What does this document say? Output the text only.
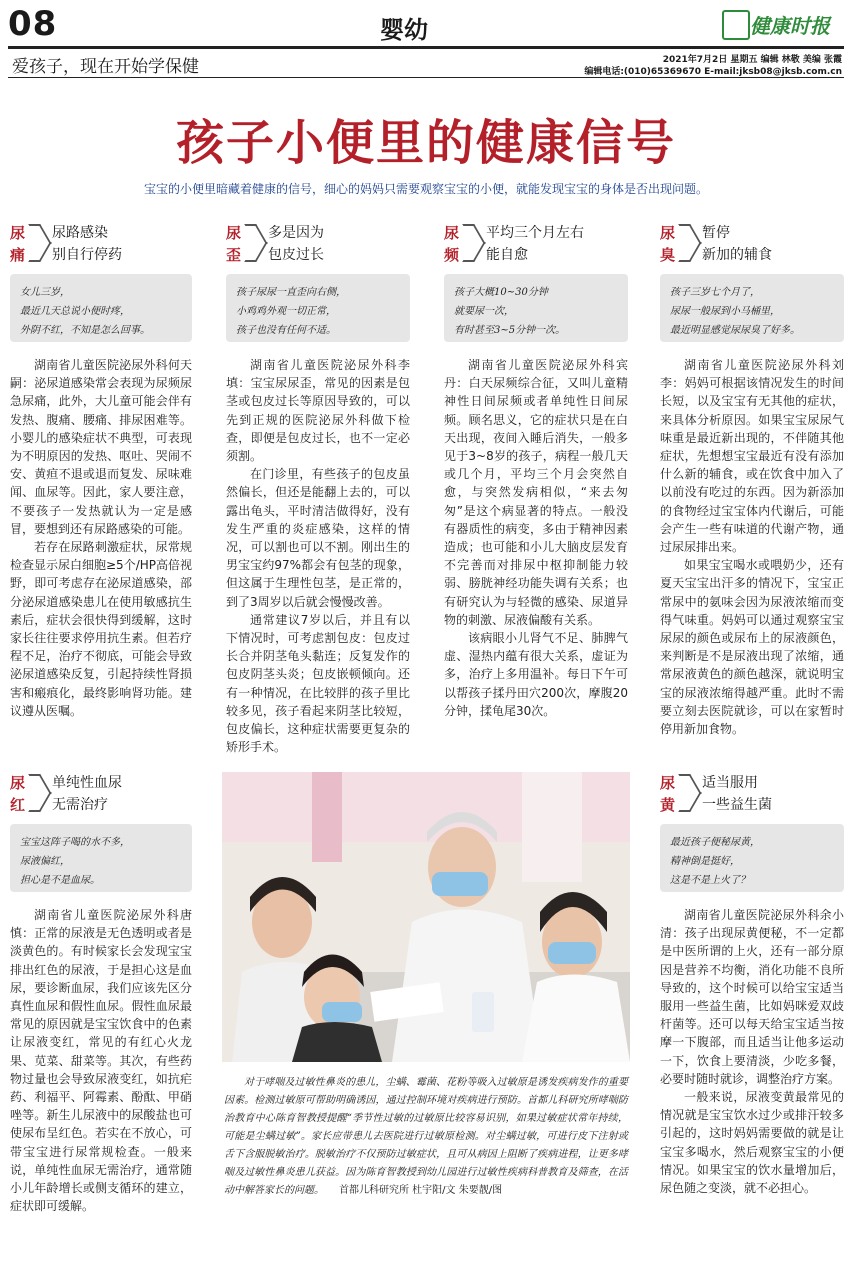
08	婴幼	健康时报
爱孩子，现在开始学保健	2021年7月2日 星期五 编辑 林敬 美编 张霞
编辑电话:(010)65369670 E-mail:jksb08@jksb.com.cn
孩子小便里的健康信号
宝宝的小便里暗藏着健康的信号，细心的妈妈只需要观察宝宝的小便，就能发现宝宝的身体是否出现问题。
尿痛
尿路感染
别自行停药
女儿三岁，
最近几天总说小便时疼，
外阴不红，不知是怎么回事。

湖南省儿童医院泌尿外科何天嗣：泌尿道感染常会表现为尿频尿急尿痛，此外，大儿童可能会伴有发热、腹痛、腰痛、排尿困难等。小婴儿的感染症状不典型，可表现为不明原因的发热、呕吐、哭闹不安、黄疸不退或退而复发、尿味难闻、血尿等。因此，家人要注意，不要孩子一发热就认为一定是感冒，要想到还有尿路感染的可能。

若存在尿路刺激症状，尿常规检查显示尿白细胞≥5个/HP高倍视野，即可考虑存在泌尿道感染，部分泌尿道感染患儿在使用敏感抗生素后，症状会很快得到缓解，这时家长往往要求停用抗生素。但若疗程不足，治疗不彻底，可能会导致泌尿道感染反复，引起持续性肾损害和瘢痕化，最终影响肾功能。建议遵从医嘱。

尿歪
多是因为
包皮过长
孩子尿尿一直歪向右侧，
小鸡鸡外观一切正常，
孩子也没有任何不适。

湖南省儿童医院泌尿外科李填：宝宝尿尿歪，常见的因素是包茎或包皮过长等原因导致的，可以先到正规的医院泌尿外科做下检查，即便是包皮过长，也不一定必须割。

在门诊里，有些孩子的包皮虽然偏长，但还是能翻上去的，可以露出龟头，平时清洁做得好，没有发生严重的炎症感染，这样的情况，可以割也可以不割。刚出生的男宝宝约97%都会有包茎的现象，但这属于生理性包茎，是正常的，到了3周岁以后就会慢慢改善。

通常建议7岁以后，并且有以下情况时，可考虑割包皮：包皮过长合并阴茎龟头黏连；反复发作的包皮阴茎头炎；包皮嵌顿倾向。还有一种情况，在比较胖的孩子里比较多见，孩子看起来阴茎比较短，包皮偏长，这种症状需要更复杂的矫形手术。

尿频
平均三个月左右
能自愈
孩子大概10~30分钟
就要尿一次，
有时甚至3~5分钟一次。

湖南省儿童医院泌尿外科宾丹：白天尿频综合征，又叫儿童精神性日间尿频或者单纯性日间尿频。顾名思义，它的症状只是在白天出现，夜间入睡后消失，一般多见于3~8岁的孩子，病程一般几天或几个月，平均三个月会突然自愈，与突然发病相似，“来去匆匆”是这个病显著的特点。一般没有器质性的病变，多由于精神因素造成；也可能和小儿大脑皮层发育不完善而对排尿中枢抑制能力较弱、膀胱神经功能失调有关系；也有研究认为与轻微的感染、尿道异物的刺激、尿液偏酸有关系。

该病眼小儿肾气不足、肺脾气虚、湿热内蕴有很大关系，虚证为多，治疗上多用温补。每日下午可以帮孩子揉丹田穴200次，摩腹20分钟，揉龟尾30次。

尿臭
暂停
新加的辅食
孩子三岁七个月了，
尿尿一般尿到小马桶里，
最近明显感觉尿尿臭了好多。

湖南省儿童医院泌尿外科刘李：妈妈可根据该情况发生的时间长短，以及宝宝有无其他的症状，来具体分析原因。如果宝宝尿尿气味重是最近新出现的，不伴随其他症状，先想想宝宝最近有没有添加什么新的辅食，或在饮食中加入了以前没有吃过的东西。因为新添加的食物经过宝宝体内代谢后，可能会产生一些有味道的代谢产物，通过尿尿排出来。

如果宝宝喝水或喂奶少，还有夏天宝宝出汗多的情况下，宝宝正常尿中的氨味会因为尿液浓缩而变得气味重。妈妈可以通过观察宝宝尿尿的颜色或尿布上的尿液颜色，来判断是不是尿液出现了浓缩，通常尿液黄色的颜色越深，就说明宝宝的尿液浓缩得越严重。此时不需要立刻去医院就诊，可以在家暂时停用新加食物。

尿红
单纯性血尿
无需治疗
宝宝这阵子喝的水不多，
尿液偏红，
担心是不是血尿。

湖南省儿童医院泌尿外科唐慎：正常的尿液是无色透明或者是淡黄色的。有时候家长会发现宝宝排出红色的尿液，于是担心这是血尿，要诊断血尿，我们应该先区分真性血尿和假性血尿。假性血尿最常见的原因就是宝宝饮食中的色素让尿液变红，常见的有红心火龙果、苋菜、甜菜等。其次，有些药物过量也会导致尿液变红，如抗疟药、利福平、阿霉素、酚酞、甲硝唑等。新生儿尿液中的尿酸盐也可使尿布呈红色。若实在不放心，可带宝宝进行尿常规检查。一般来说，单纯性血尿无需治疗，通常随小儿年龄增长或侧支循环的建立，症状即可缓解。

尿黄
适当服用
一些益生菌
最近孩子便秘尿黄，
精神倒是挺好，
这是不是上火了？

湖南省儿童医院泌尿外科余小清：孩子出现尿黄便秘，不一定都是中医所谓的上火，还有一部分原因是营养不均衡，消化功能不良所导致的，这个时候可以给宝宝适当服用一些益生菌，比如妈咪爱双歧杆菌等。还可以每天给宝宝适当按摩一下腹部，而且适当让他多运动一下，饮食上要清淡，少吃多餐，必要时随时就诊，调整治疗方案。

一般来说，尿液变黄最常见的情况就是宝宝饮水过少或排汗较多引起的，这时妈妈需要做的就是让宝宝多喝水，然后观察宝宝的小便情况。如果宝宝的饮水量增加后，尿色随之变淡，就不必担心。

对于哮喘及过敏性鼻炎的患儿，尘螨、霉菌、花粉等吸入过敏原是诱发疾病发作的重要因素。检测过敏原可帮助明确诱因，通过控制环境对疾病进行预防。首都儿科研究所哮喘防治教育中心陈育智教授提醒“季节性过敏的过敏原比较容易识别，如果过敏症状常年持续，可能是尘螨过敏”。家长应带患儿去医院进行过敏原检测。对尘螨过敏，可进行皮下注射或舌下含服脱敏治疗。脱敏治疗不仅预防过敏症状，且可从病因上阻断了疾病进程，让更多哮喘及过敏性鼻炎患儿获益。因为陈育智教授到幼儿园进行过敏性疾病科普教育及筛查，在活动中解答家长的问题。　　 首都儿科研究所 杜宇阳/文 朱要靓/图
